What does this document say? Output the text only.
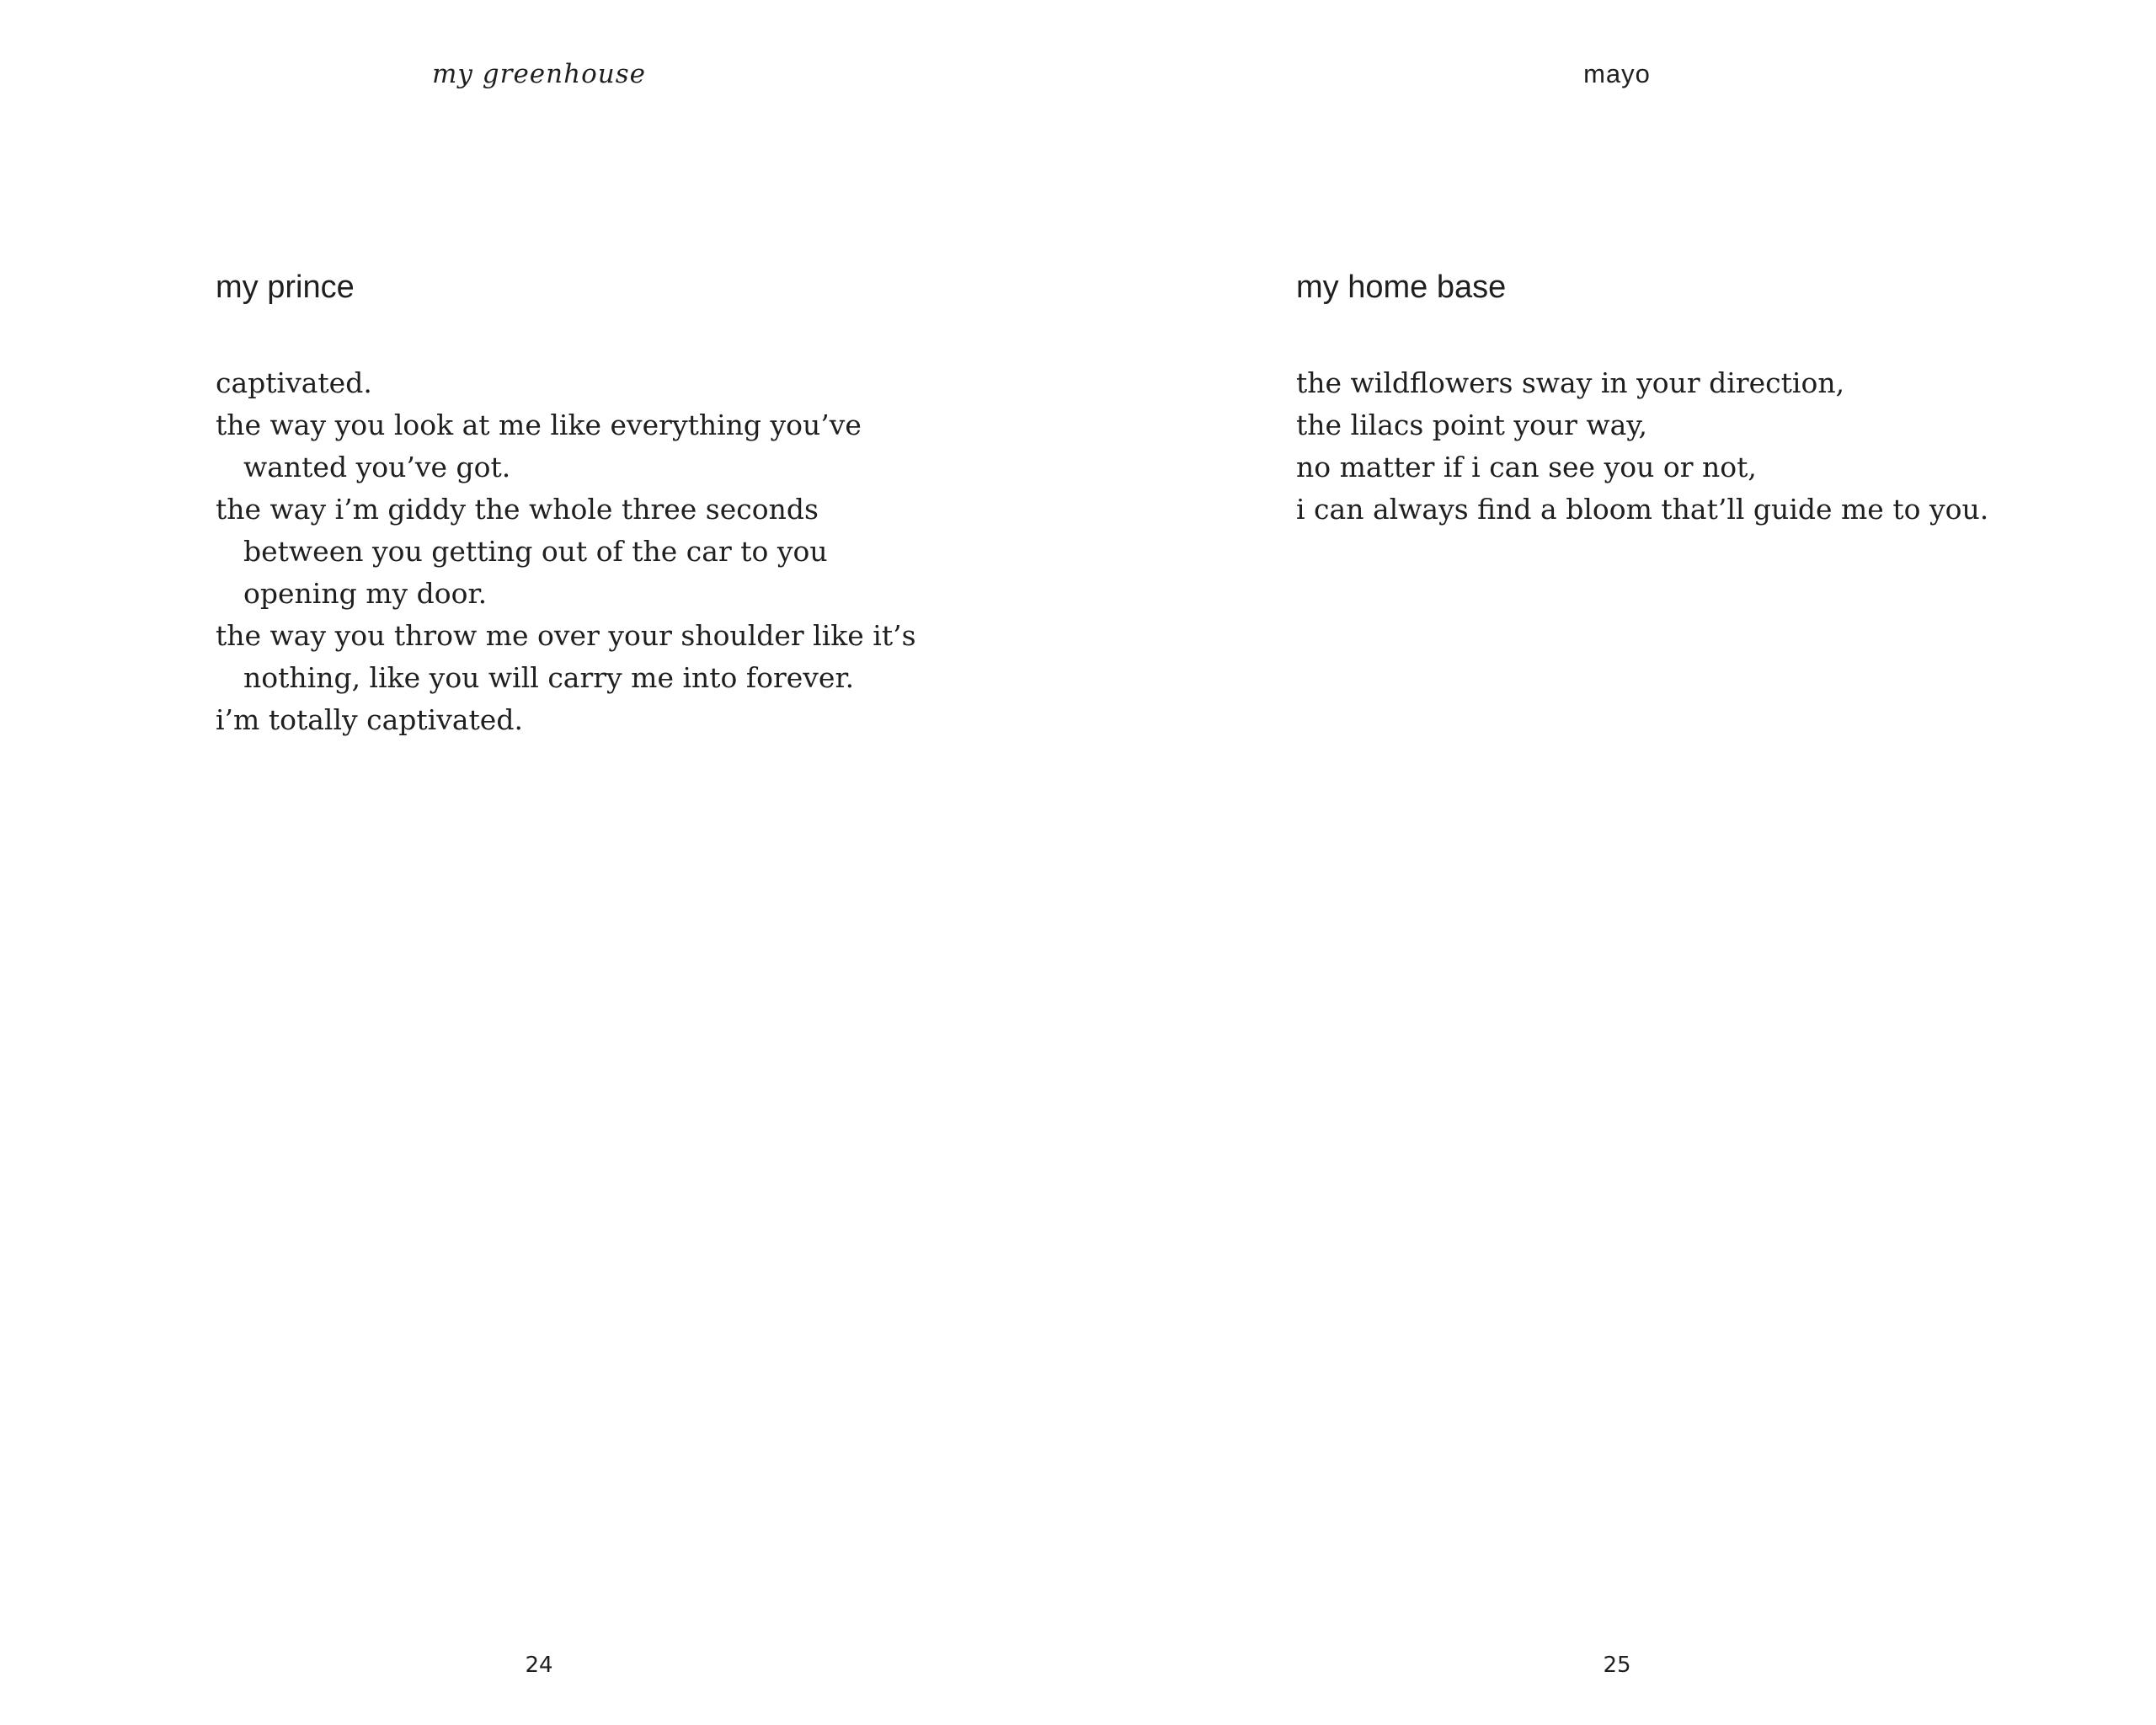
my greenhouse
my prince
captivated.
the way you look at me like everything you’ve
wanted you’ve got.
the way i’m giddy the whole three seconds
between you getting out of the car to you
opening my door.
the way you throw me over your shoulder like it’s
nothing, like you will carry me into forever.
i’m totally captivated.
24
mayo
my home base
the wildflowers sway in your direction,
the lilacs point your way,
no matter if i can see you or not,
i can always find a bloom that’ll guide me to you.
25
